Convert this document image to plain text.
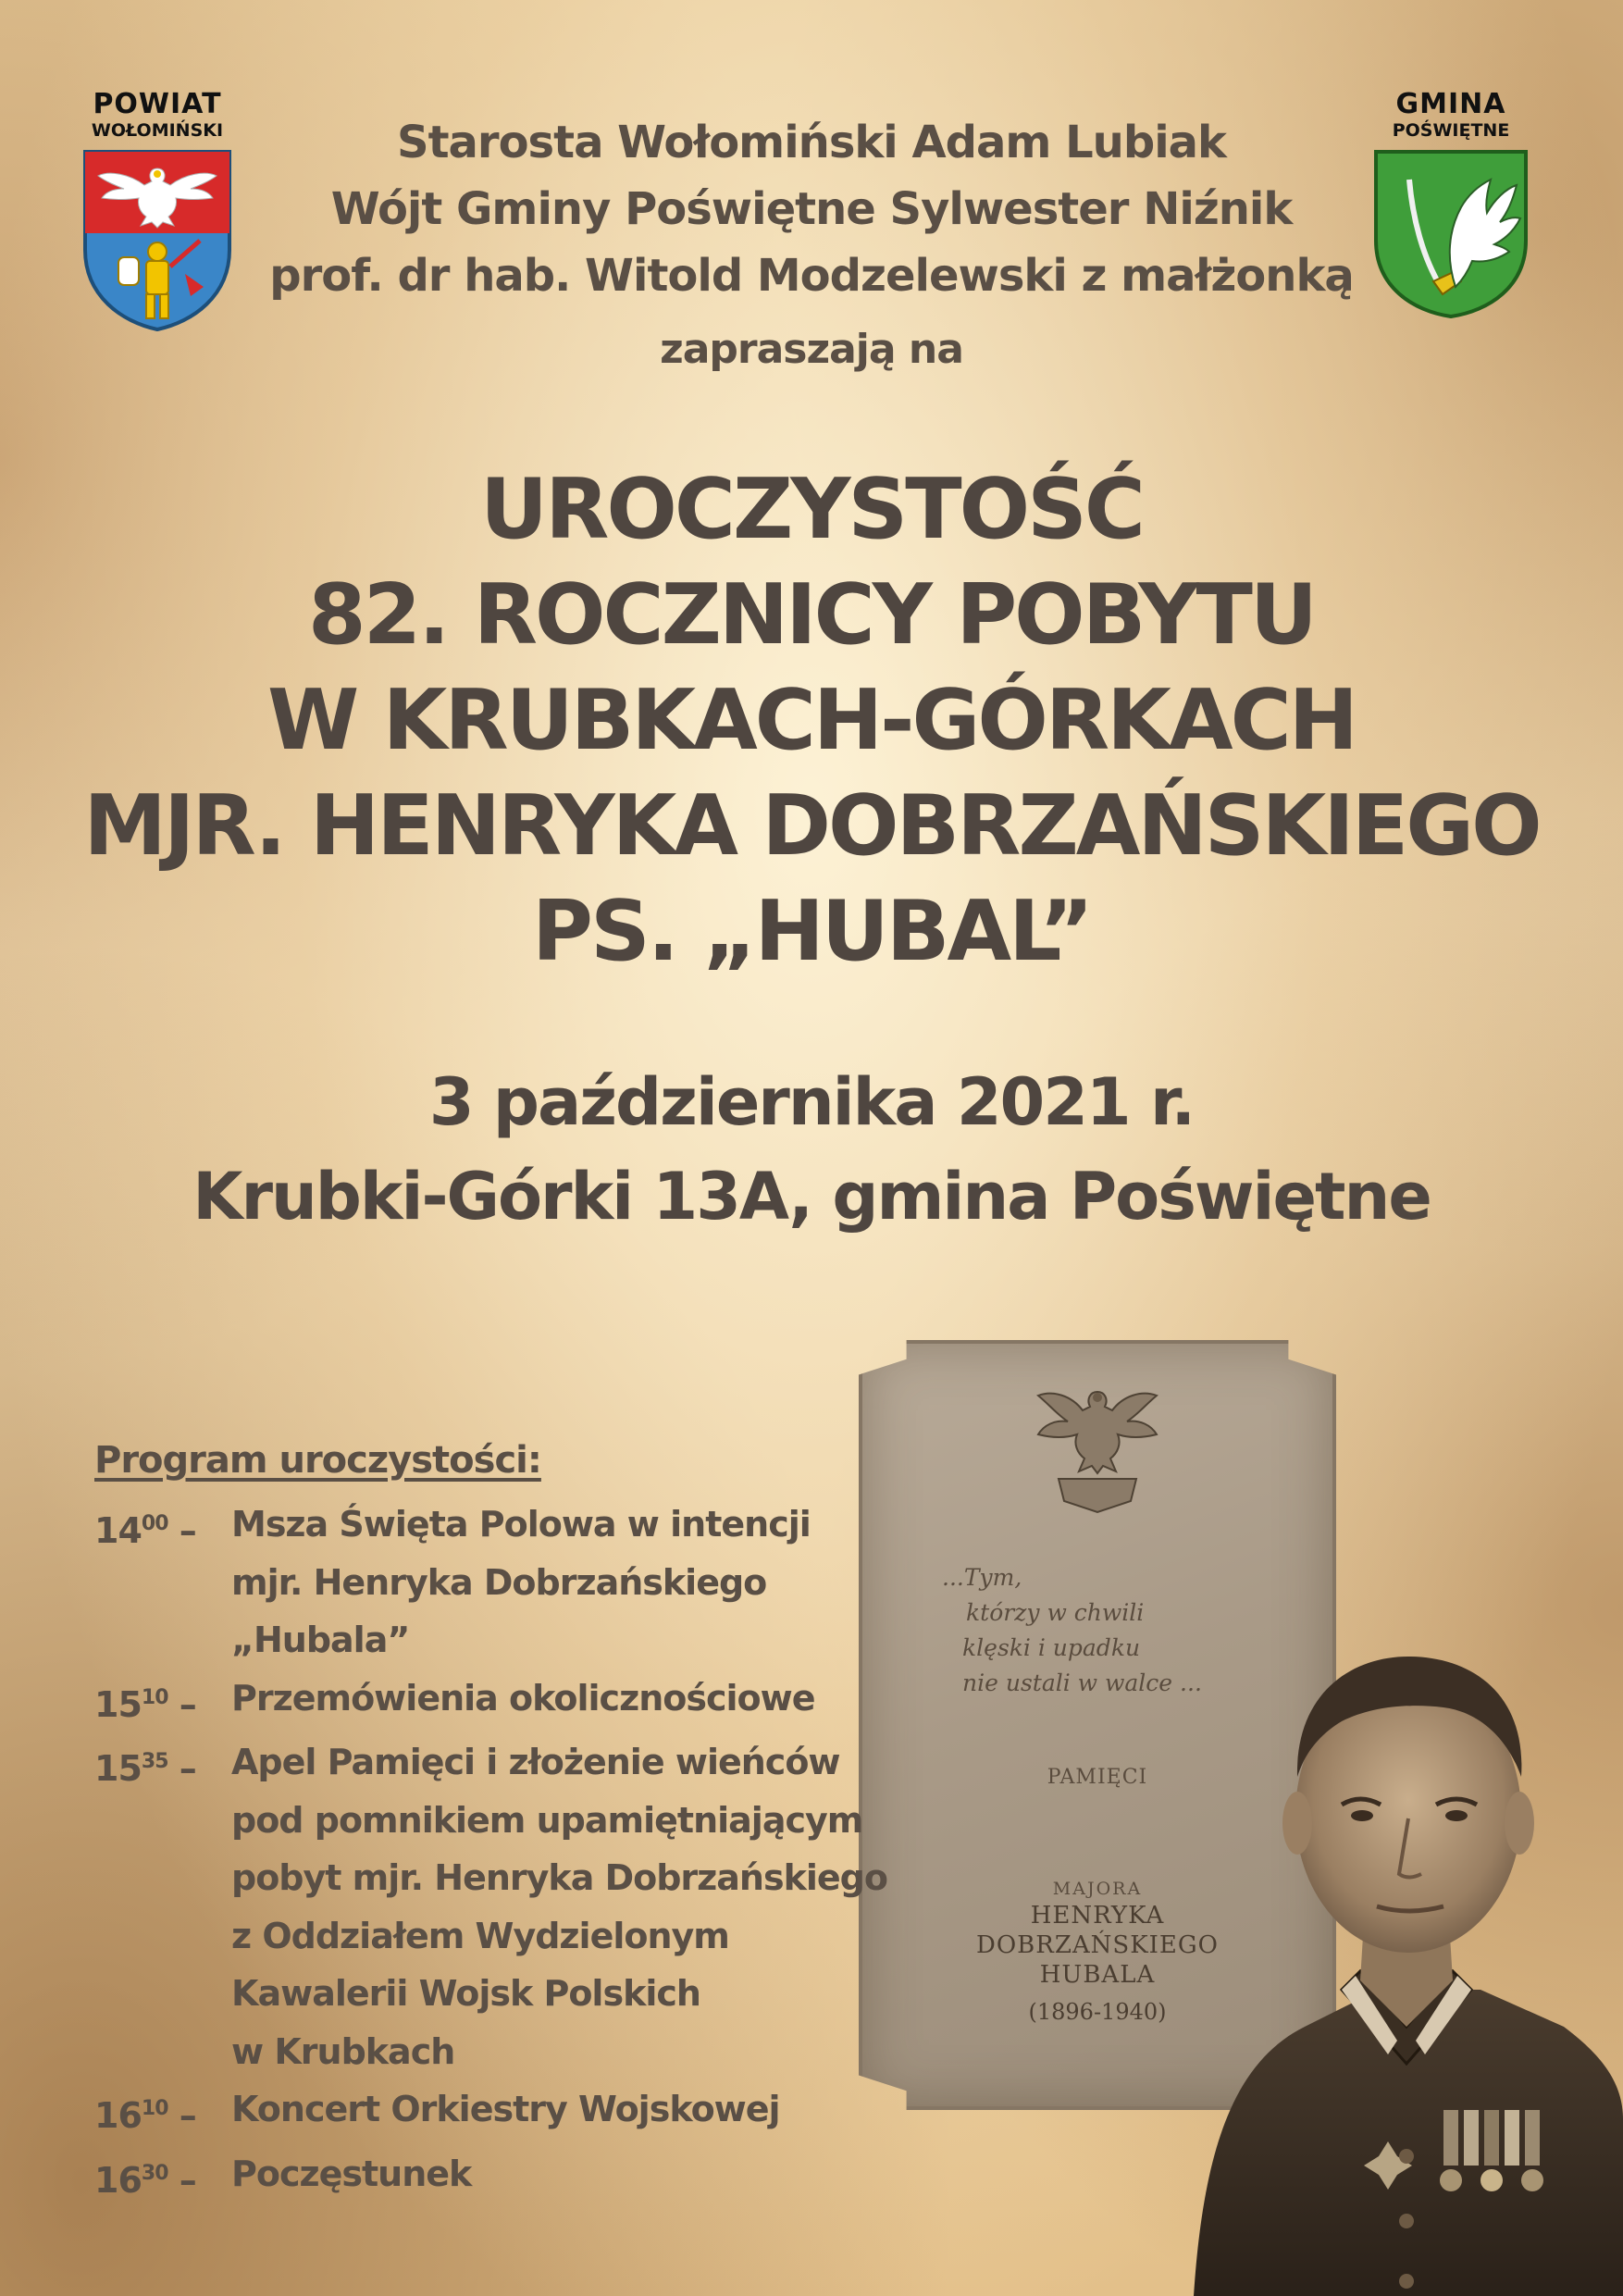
POWIAT
WOŁOMIŃSKI
GMINA
POŚWIĘTNE
Starosta Wołomiński Adam Lubiak
Wójt Gminy Poświętne Sylwester Niźnik
prof. dr hab. Witold Modzelewski z małżonką
zapraszają na
UROCZYSTOŚĆ
82. ROCZNICY POBYTU
W KRUBKACH-GÓRKACH
MJR. HENRYKA DOBRZAŃSKIEGO
PS. „HUBAL”
3 października 2021 r.
Krubki-Górki 13A, gmina Poświętne
...Tym,
którzy w chwili
klęski i upadku
nie ustali w walce ...
PAMIĘCI
MAJORA
HENRYKA
DOBRZAŃSKIEGO
HUBALA
(1896-1940)
Program uroczystości:
$14^{00}$ –	Msza Święta Polowa w intencji
mjr. Henryka Dobrzańskiego
„Hubala”
$15^{10}$ –	Przemówienia okolicznościowe
$15^{35}$ –	Apel Pamięci i złożenie wieńców
pod pomnikiem upamiętniającym
pobyt mjr. Henryka Dobrzańskiego
z Oddziałem Wydzielonym
Kawalerii Wojsk Polskich
w Krubkach
$16^{10}$ –	Koncert Orkiestry Wojskowej
$16^{30}$ –	Poczęstunek
